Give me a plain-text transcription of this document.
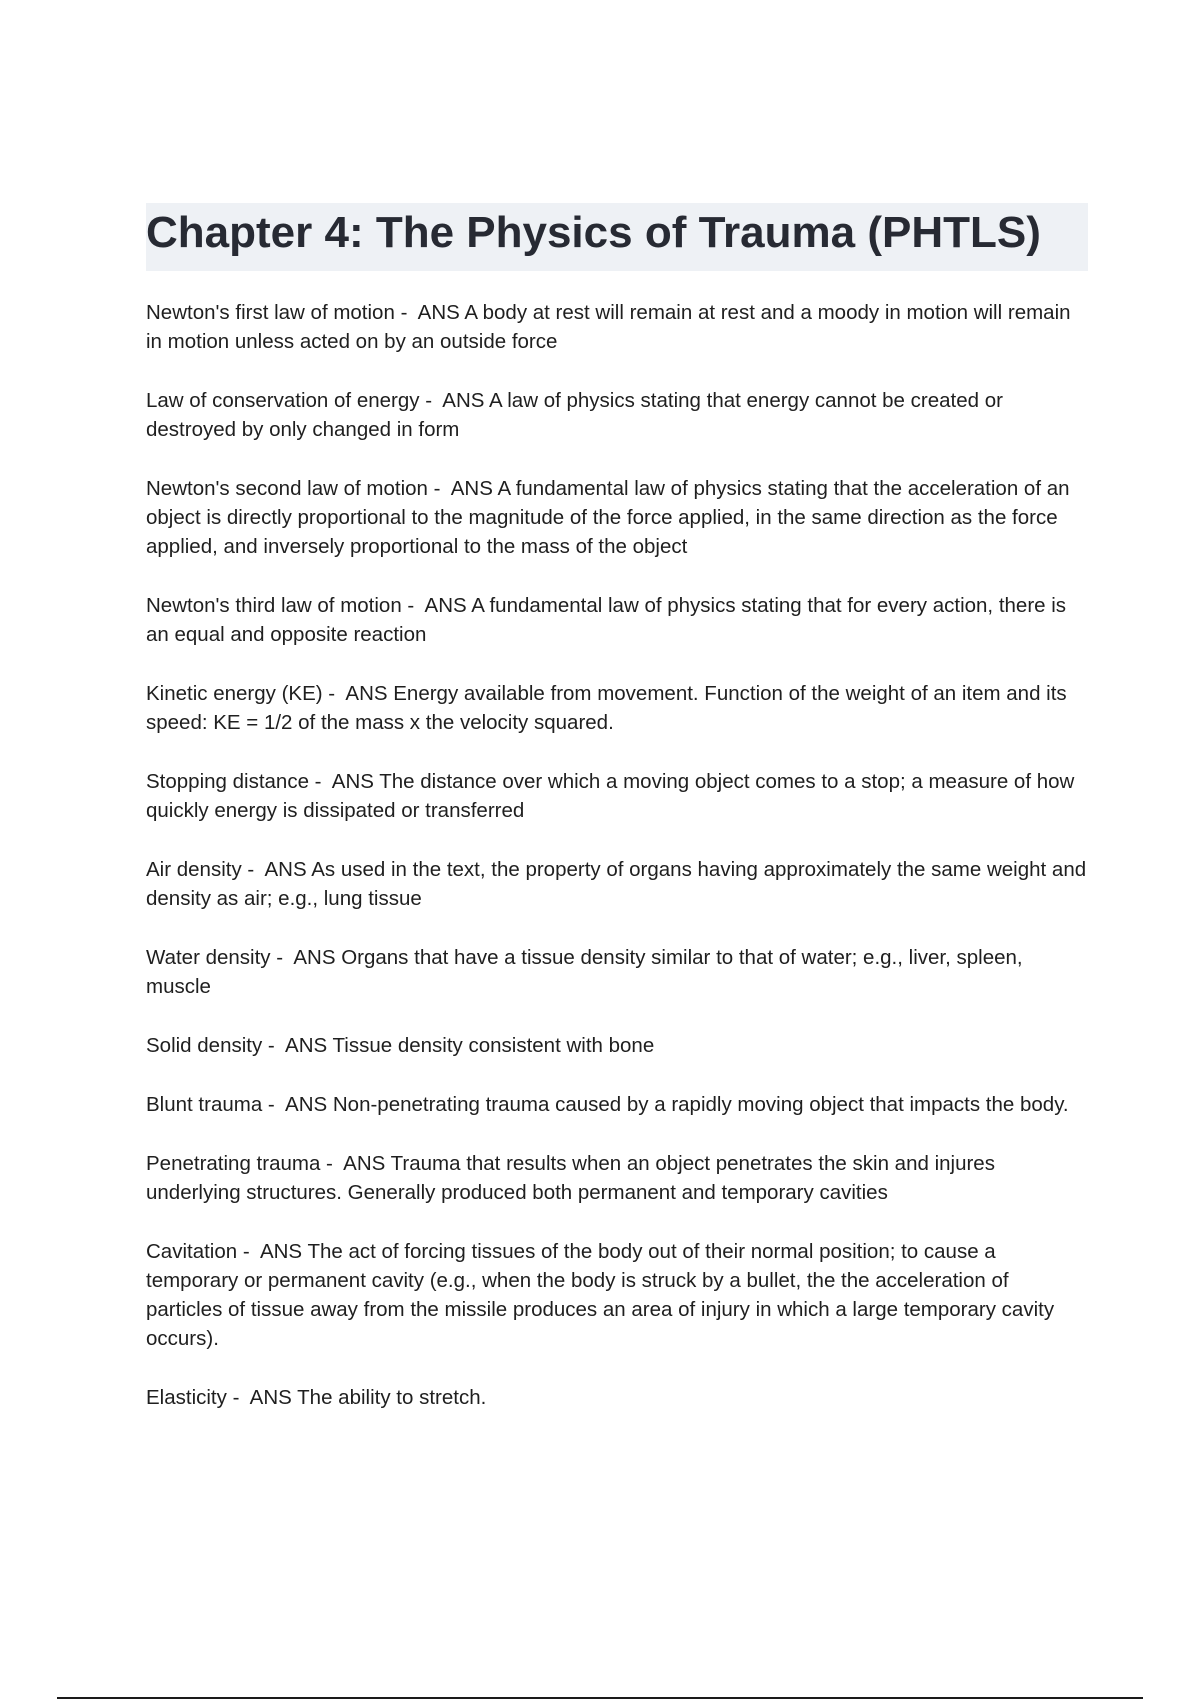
Chapter 4: The Physics of Trauma (PHTLS)

Newton's first law of motion -  ANS A body at rest will remain at rest and a moody in motion will remain in motion unless acted on by an outside force

Law of conservation of energy -  ANS A law of physics stating that energy cannot be created or destroyed by only changed in form

Newton's second law of motion -  ANS A fundamental law of physics stating that the acceleration of an object is directly proportional to the magnitude of the force applied, in the same direction as the force applied, and inversely proportional to the mass of the object

Newton's third law of motion -  ANS A fundamental law of physics stating that for every action, there is an equal and opposite reaction

Kinetic energy (KE) -  ANS Energy available from movement. Function of the weight of an item and its speed: KE = 1/2 of the mass x the velocity squared.

Stopping distance -  ANS The distance over which a moving object comes to a stop; a measure of how quickly energy is dissipated or transferred

Air density -  ANS As used in the text, the property of organs having approximately the same weight and density as air; e.g., lung tissue

Water density -  ANS Organs that have a tissue density similar to that of water; e.g., liver, spleen, muscle

Solid density -  ANS Tissue density consistent with bone

Blunt trauma -  ANS Non-penetrating trauma caused by a rapidly moving object that impacts the body.

Penetrating trauma -  ANS Trauma that results when an object penetrates the skin and injures underlying structures. Generally produced both permanent and temporary cavities

Cavitation -  ANS The act of forcing tissues of the body out of their normal position; to cause a temporary or permanent cavity (e.g., when the body is struck by a bullet, the the acceleration of particles of tissue away from the missile produces an area of injury in which a large temporary cavity occurs).

Elasticity -  ANS The ability to stretch.
